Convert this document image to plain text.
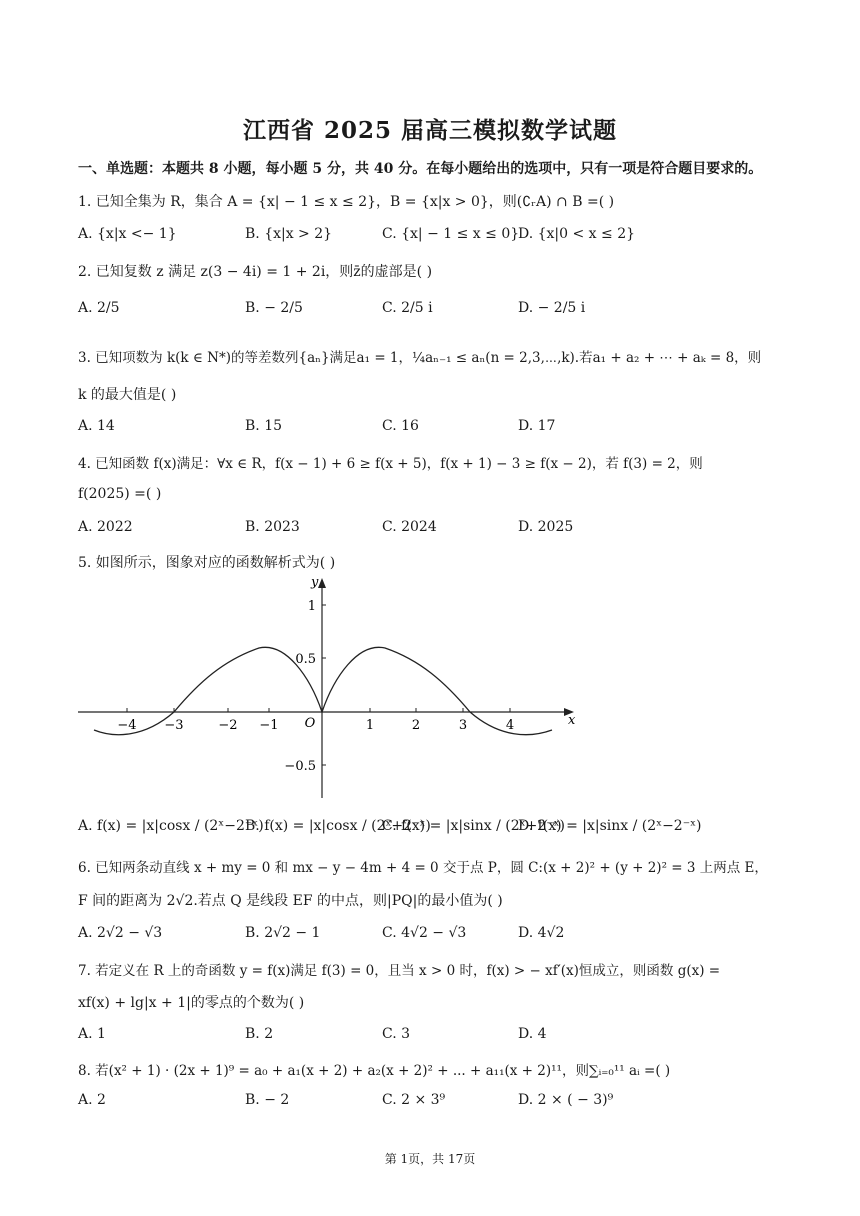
江西省 2025 届高三模拟数学试题
一、单选题：本题共 8 小题，每小题 5 分，共 40 分。在每小题给出的选项中，只有一项是符合题目要求的。
1. 已知全集为 R，集合 A = {x| − 1 ≤ x ≤ 2}，B = {x|x > 0}，则(∁ᵣA) ∩ B =( )
A. {x|x <− 1}	B. {x|x > 2}	C. {x| − 1 ≤ x ≤ 0}
D. {x|0 < x ≤ 2}
2. 已知复数 z 满足 z(3 − 4i) = 1 + 2i，则z̄的虚部是( )
A. 2/5	B. − 2/5	C. 2/5 i	D. − 2/5 i
3. 已知项数为 k(k ∈ N*)的等差数列{aₙ}满足a₁ = 1，¼aₙ₋₁ ≤ aₙ(n = 2,3,⋯,k).若a₁ + a₂ + ⋯ + aₖ = 8，则
k 的最大值是( )
A. 14	B. 15	C. 16	D. 17
4. 已知函数 f(x)满足：∀x ∈ R，f(x − 1) + 6 ≥ f(x + 5)，f(x + 1) − 3 ≥ f(x − 2)，若 f(3) = 2，则
f(2025) =( )
A. 2022	B. 2023	C. 2024	D. 2025
5. 如图所示，图象对应的函数解析式为( )
−4 −3	−2 −1	1	2	3	4
1
0.5
−0.5
O	x
y
A. f(x) = |x|cosx / (2ˣ−2⁻ˣ)
B. f(x) = |x|cosx / (2ˣ+2⁻ˣ)
C. f(x) = |x|sinx / (2ˣ+2⁻ˣ)
D. f(x) = |x|sinx / (2ˣ−2⁻ˣ)
6. 已知两条动直线 x + my = 0 和 mx − y − 4m + 4 = 0 交于点 P，圆 C:(x + 2)² + (y + 2)² = 3 上两点 E，
F 间的距离为 2√2.若点 Q 是线段 EF 的中点，则|PQ|的最小值为( )
A. 2√2 − √3	B. 2√2 − 1	C. 4√2 − √3	D. 4√2
7. 若定义在 R 上的奇函数 y = f(x)满足 f(3) = 0，且当 x > 0 时，f(x) > − xf′(x)恒成立，则函数 g(x) =
xf(x) + lg|x + 1|的零点的个数为( )
A. 1	B. 2	C. 3	D. 4
8. 若(x² + 1) · (2x + 1)⁹ = a₀ + a₁(x + 2) + a₂(x + 2)² + ... + a₁₁(x + 2)¹¹，则∑ᵢ₌₀¹¹ aᵢ =( )
A. 2	B. − 2	C. 2 × 3⁹	D. 2 × ( − 3)⁹
第 1页，共 17页
